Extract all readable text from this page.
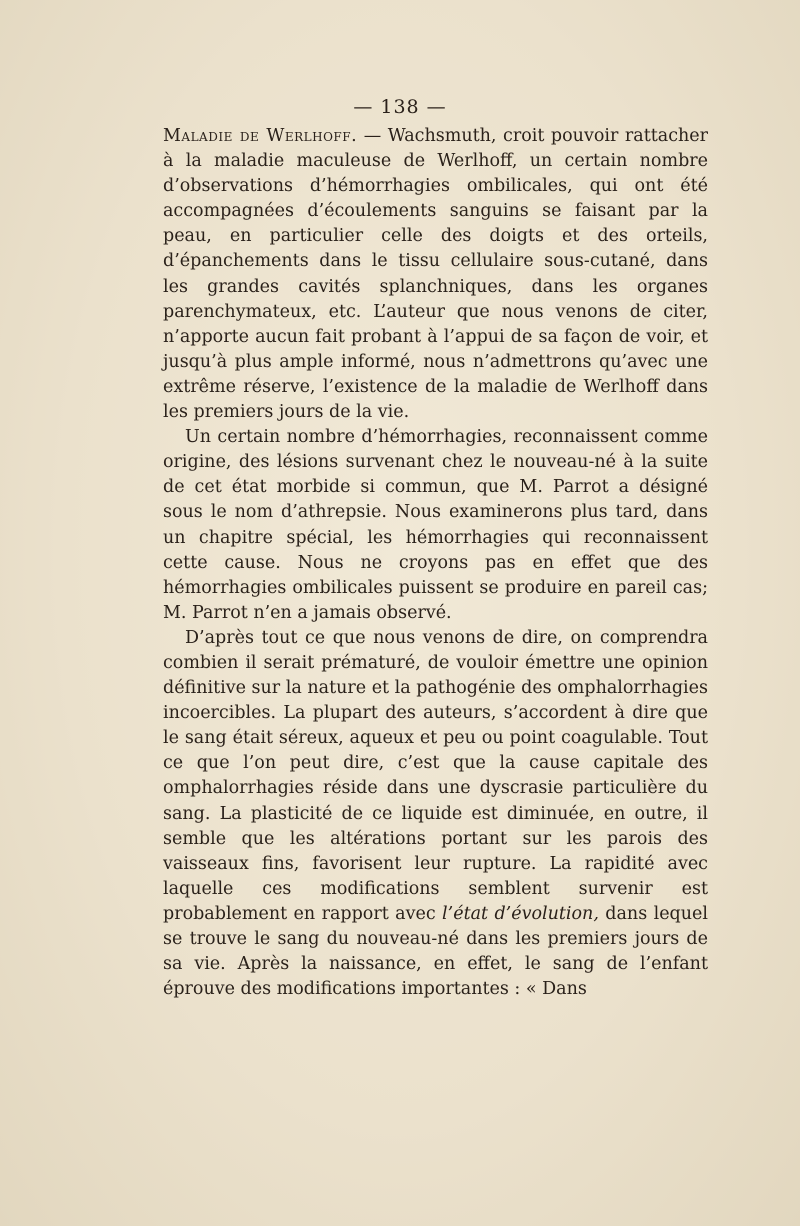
— 138 —

Maladie de Werlhoff. — Wachsmuth, croit pouvoir rattacher à la maladie maculeuse de Werlhoff, un certain nombre d’observations d’hémorrhagies ombilicales, qui ont été accompagnées d’écoulements sanguins se faisant par la peau, en particulier celle des doigts et des orteils, d’épanchements dans le tissu cellulaire sous-cutané, dans les grandes cavités splanchniques, dans les organes parenchymateux, etc. L’auteur que nous venons de citer, n’apporte aucun fait probant à l’appui de sa façon de voir, et jusqu’à plus ample informé, nous n’admettrons qu’avec une extrême réserve, l’existence de la maladie de Werlhoff dans les premiers jours de la vie.

Un certain nombre d’hémorrhagies, reconnaissent comme origine, des lésions survenant chez le nouveau-né à la suite de cet état morbide si commun, que M. Parrot a désigné sous le nom d’athrepsie. Nous examinerons plus tard, dans un chapitre spécial, les hémorrhagies qui reconnaissent cette cause. Nous ne croyons pas en effet que des hémorrhagies ombilicales puissent se produire en pareil cas; M. Parrot n’en a jamais observé.

D’après tout ce que nous venons de dire, on comprendra combien il serait prématuré, de vouloir émettre une opinion définitive sur la nature et la pathogénie des omphalorrhagies incoercibles. La plupart des auteurs, s’accordent à dire que le sang était séreux, aqueux et peu ou point coagulable. Tout ce que l’on peut dire, c’est que la cause capitale des omphalorrhagies réside dans une dyscrasie particulière du sang. La plasticité de ce liquide est diminuée, en outre, il semble que les altérations portant sur les parois des vaisseaux fins, favorisent leur rupture. La rapidité avec laquelle ces modifications semblent survenir est probablement en rapport avec l’état d’évolution, dans lequel se trouve le sang du nouveau-né dans les premiers jours de sa vie. Après la naissance, en effet, le sang de l’enfant éprouve des modifications importantes : « Dans
